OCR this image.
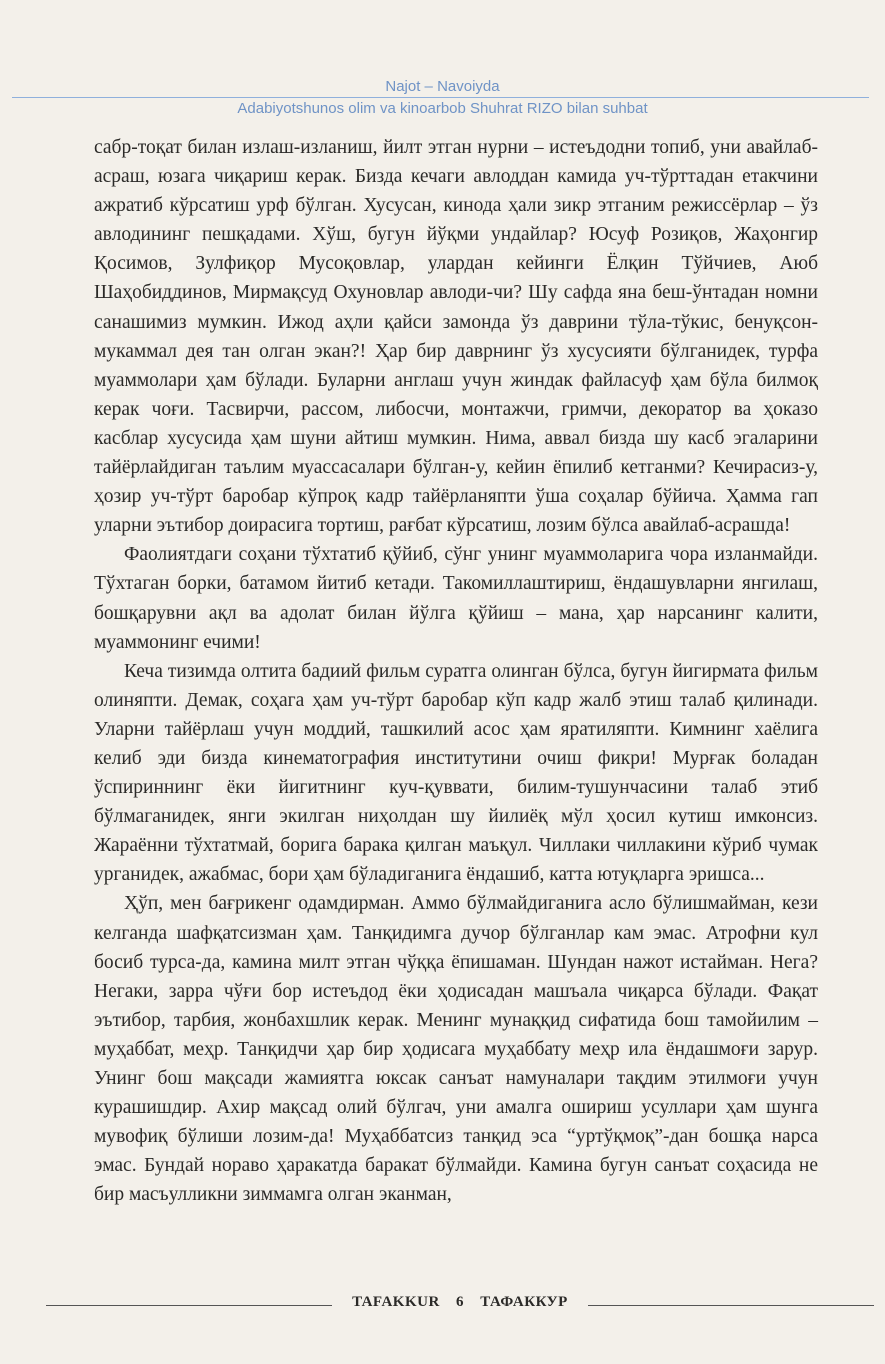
Najot – Navoiyda
Adabiyotshunos olim va kinoarbob Shuhrat RIZO bilan suhbat

сабр-тоқат билан излаш-изланиш, йилт этган нурни – истеъдодни топиб, уни авайлаб-асраш, юзага чиқариш керак. Бизда кечаги авлоддан камида уч-тўрттадан етакчини ажратиб кўрсатиш урф бўлган. Хусусан, кинода ҳали зикр этганим режиссёрлар – ўз авлодининг пешқадами. Хўш, бугун йўқми ундайлар? Юсуф Розиқов, Жаҳонгир Қосимов, Зулфиқор Мусоқовлар, улардан кейинги Ёлқин Тўйчиев, Аюб Шаҳобиддинов, Мирмақсуд Охуновлар авлоди-чи? Шу сафда яна беш-ўнтадан номни санашимиз мумкин. Ижод аҳли қайси замонда ўз даврини тўла-тўкис, бенуқсон-мукаммал дея тан олган экан?! Ҳар бир даврнинг ўз хусусияти бўлганидек, турфа муаммолари ҳам бўлади. Буларни англаш учун жиндак файласуф ҳам бўла билмоқ керак чоғи. Тасвирчи, рассом, либосчи, монтажчи, гримчи, декоратор ва ҳоказо касблар хусусида ҳам шуни айтиш мумкин. Нима, аввал бизда шу касб эгаларини тайёрлайдиган таълим муассасалари бўлган-у, кейин ёпилиб кетганми? Кечирасиз-у, ҳозир уч-тўрт баробар кўпроқ кадр тайёрланяпти ўша соҳалар бўйича. Ҳамма гап уларни эътибор доирасига тортиш, рағбат кўрсатиш, лозим бўлса авайлаб-асрашда!

Фаолиятдаги соҳани тўхтатиб қўйиб, сўнг унинг муаммоларига чора изланмайди. Тўхтаган борки, батамом йитиб кетади. Такомиллаштириш, ёндашувларни янгилаш, бошқарувни ақл ва адолат билан йўлга қўйиш – мана, ҳар нарсанинг калити, муаммонинг ечими!

Кеча тизимда олтита бадиий фильм суратга олинган бўлса, бугун йигирмата фильм олиняпти. Демак, соҳага ҳам уч-тўрт баробар кўп кадр жалб этиш талаб қилинади. Уларни тайёрлаш учун моддий, ташкилий асос ҳам яратиляпти. Кимнинг хаёлига келиб эди бизда кинематография институтини очиш фикри! Мурғак боладан ўспириннинг ёки йигитнинг куч-қуввати, билим-тушунчасини талаб этиб бўлмаганидек, янги экилган ниҳолдан шу йилиёқ мўл ҳосил кутиш имконсиз. Жараённи тўхтатмай, борига барака қилган маъқул. Чиллаки чиллакини кўриб чумак урганидек, ажабмас, бори ҳам бўладиганига ёндашиб, катта ютуқларга эришса...

Ҳўп, мен бағрикенг одамдирман. Аммо бўлмайдиганига асло бўлишмайман, кези келганда шафқатсизман ҳам. Танқидимга дучор бўлганлар кам эмас. Атрофни кул босиб турса-да, камина милт этган чўққа ёпишаман. Шундан нажот истайман. Нега? Негаки, зарра чўғи бор истеъдод ёки ҳодисадан машъала чиқарса бўлади. Фақат эътибор, тарбия, жонбахшлик керак. Менинг мунаққид сифатида бош тамойилим – муҳаббат, меҳр. Танқидчи ҳар бир ҳодисага муҳаббату меҳр ила ёндашмоғи зарур. Унинг бош мақсади жамиятга юксак санъат намуналари тақдим этилмоғи учун курашишдир. Ахир мақсад олий бўлгач, уни амалга ошириш усуллари ҳам шунга мувофиқ бўлиши лозим-да! Муҳаббатсиз танқид эса “уртўқмоқ”-дан бошқа нарса эмас. Бундай нораво ҳаракатда баракат бўлмайди. Камина бугун санъат соҳасида не бир масъулликни зиммамга олган эканман,

TAFAKKUR 6 ТАФАККУР
